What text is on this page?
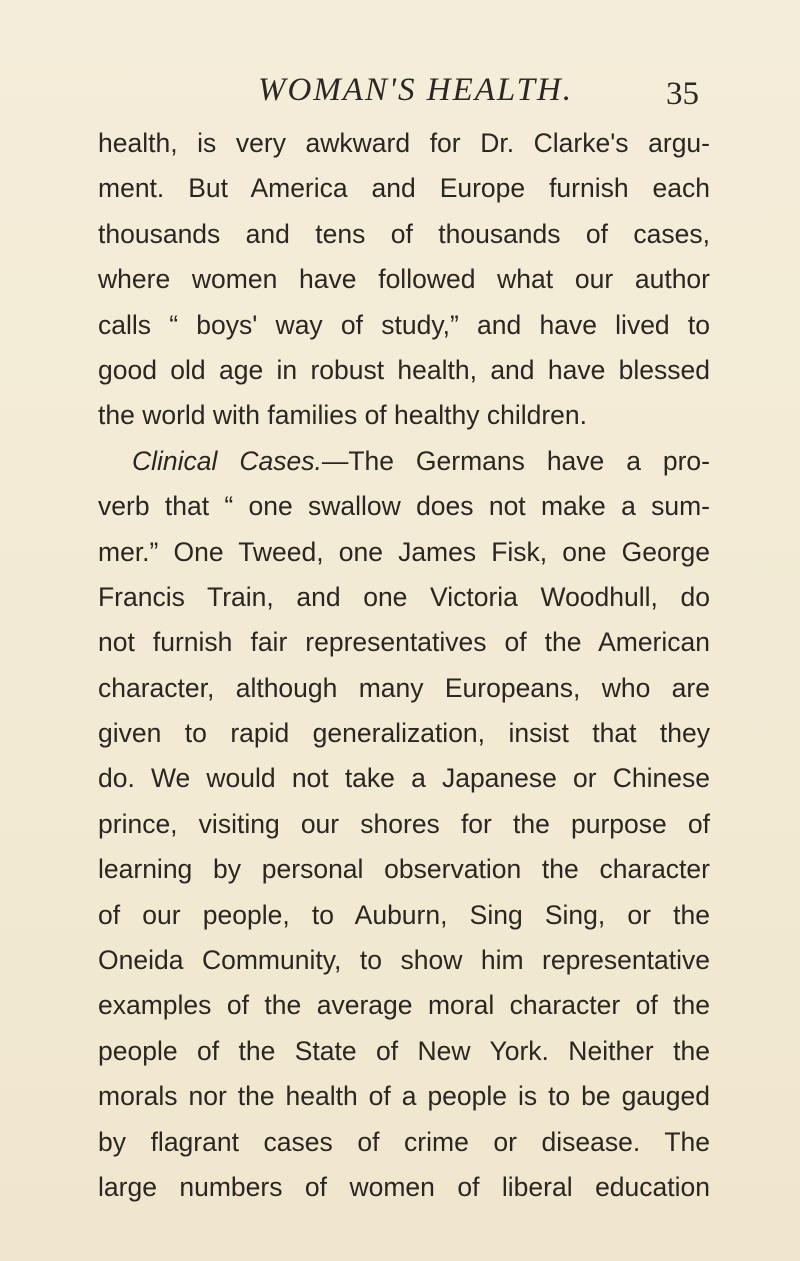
WOMAN'S HEALTH.	35
health, is very awkward for Dr. Clarke's argu-
ment. But America and Europe furnish each
thousands and tens of thousands of cases,
where women have followed what our author
calls “ boys' way of study,” and have lived to
good old age in robust health, and have blessed
the world with families of healthy children.
Clinical Cases.—The Germans have a pro-
verb that “ one swallow does not make a sum-
mer.” One Tweed, one James Fisk, one George
Francis Train, and one Victoria Woodhull, do
not furnish fair representatives of the American
character, although many Europeans, who are
given to rapid generalization, insist that they
do. We would not take a Japanese or Chinese
prince, visiting our shores for the purpose of
learning by personal observation the character
of our people, to Auburn, Sing Sing, or the
Oneida Community, to show him representative
examples of the average moral character of the
people of the State of New York. Neither the
morals nor the health of a people is to be gauged
by flagrant cases of crime or disease. The
large numbers of women of liberal education
